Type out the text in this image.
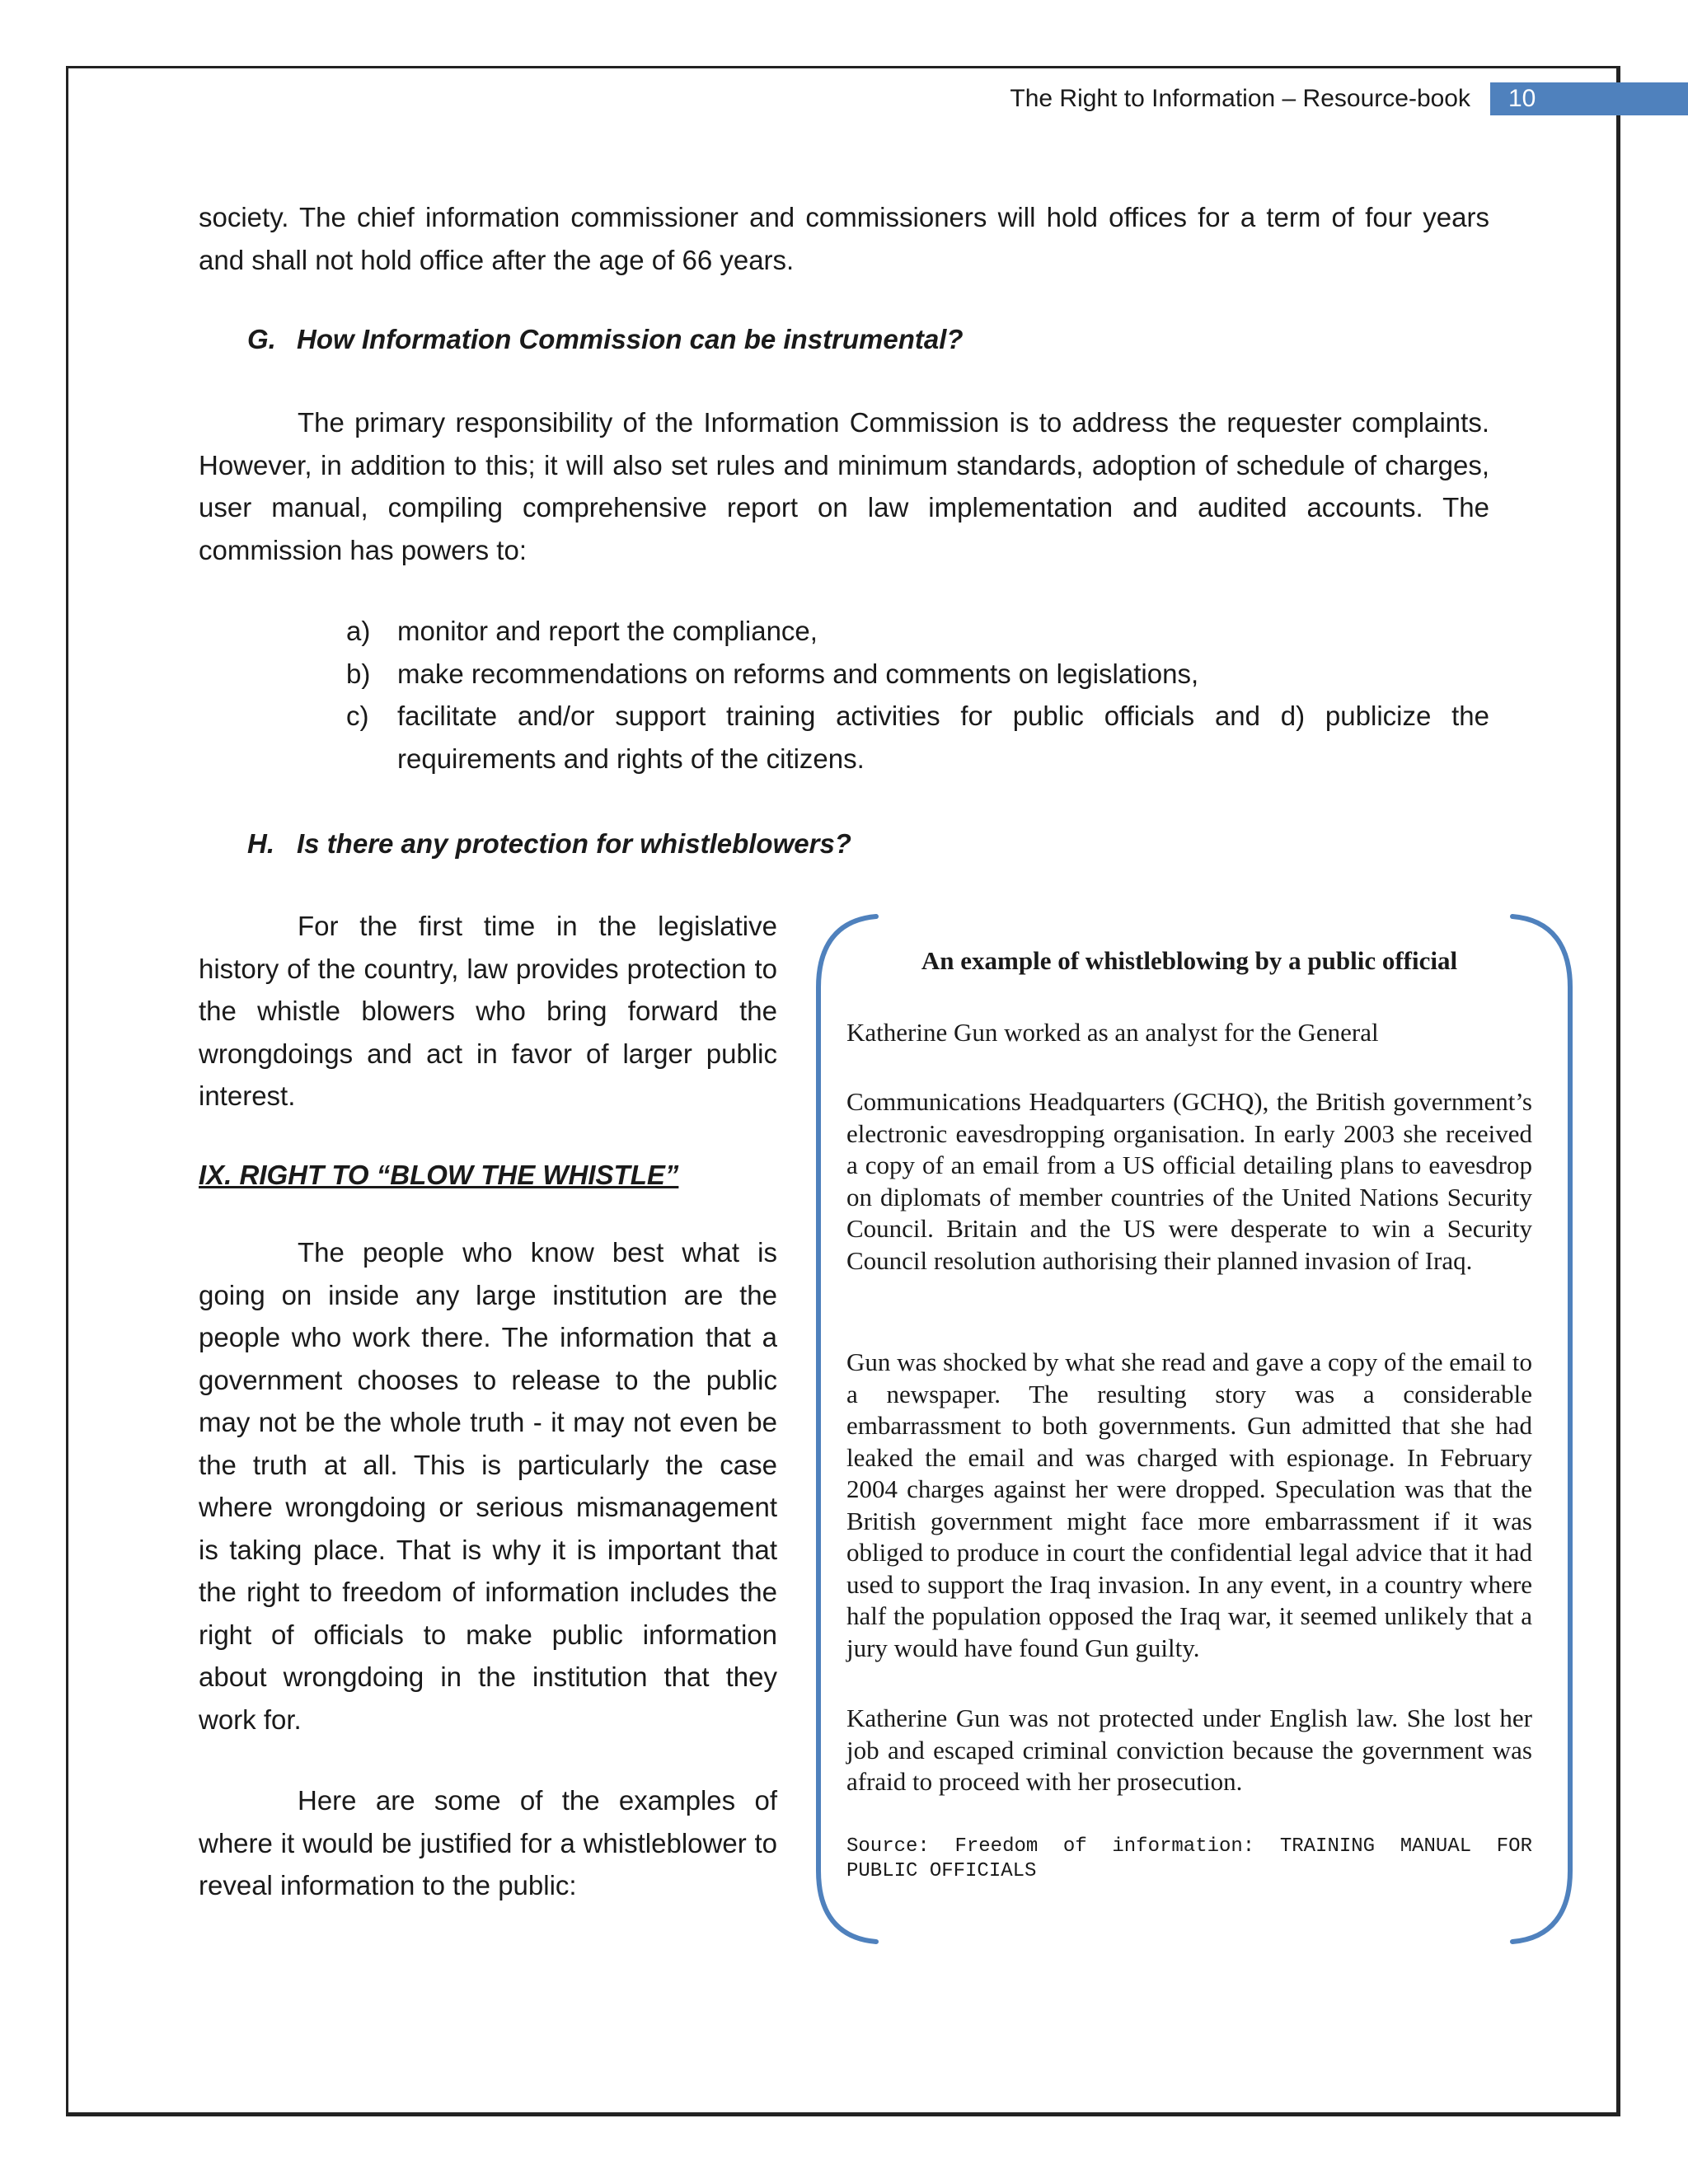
The Right to Information – Resource-book	10
society. The chief information commissioner and commissioners will hold offices for a term of four years and shall not hold office after the age of 66 years.
G. How Information Commission can be instrumental?
The primary responsibility of the Information Commission is to address the requester complaints. However, in addition to this; it will also set rules and minimum standards, adoption of schedule of charges, user manual, compiling comprehensive report on law implementation and audited accounts. The commission has powers to:
a) monitor and report the compliance,
b) make recommendations on reforms and comments on legislations,
c) facilitate and/or support training activities for public officials and d) publicize the requirements and rights of the citizens.
H. Is there any protection for whistleblowers?
For the first time in the legislative history of the country, law provides protection to the whistle blowers who bring forward the wrongdoings and act in favor of larger public interest.
IX. RIGHT TO “BLOW THE WHISTLE”
The people who know best what is going on inside any large institution are the people who work there. The information that a government chooses to release to the public may not be the whole truth - it may not even be the truth at all. This is particularly the case where wrongdoing or serious mismanagement is taking place. That is why it is important that the right to freedom of information includes the right of officials to make public information about wrongdoing in the institution that they work for.
Here are some of the examples of where it would be justified for a whistleblower to reveal information to the public:
An example of whistleblowing by a public official
Katherine Gun worked as an analyst for the General
Communications Headquarters (GCHQ), the British government’s electronic eavesdropping organisation. In early 2003 she received a copy of an email from a US official detailing plans to eavesdrop on diplomats of member countries of the United Nations Security Council. Britain and the US were desperate to win a Security Council resolution authorising their planned invasion of Iraq.
Gun was shocked by what she read and gave a copy of the email to a newspaper. The resulting story was a considerable embarrassment to both governments. Gun admitted that she had leaked the email and was charged with espionage. In February 2004 charges against her were dropped. Speculation was that the British government might face more embarrassment if it was obliged to produce in court the confidential legal advice that it had used to support the Iraq invasion. In any event, in a country where half the population opposed the Iraq war, it seemed unlikely that a jury would have found Gun guilty.
Katherine Gun was not protected under English law. She lost her job and escaped criminal conviction because the government was afraid to proceed with her prosecution.
Source: Freedom of information: TRAINING MANUAL FOR PUBLIC OFFICIALS
